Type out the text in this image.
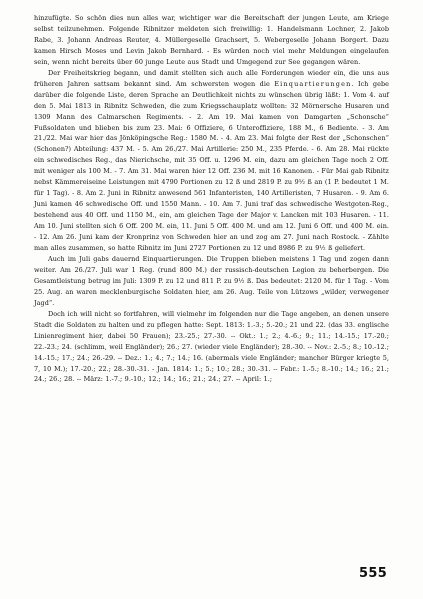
hinzufügte. So schön dies nun alles war, wichtiger war die Bereitschaft der jungen Leute, am Kriege selbst teilzunehmen. Folgende Ribnitzer meldeten sich freiwillig: 1. Handelsmann Lochner, 2. Jakob Rabe, 3. Johann Andreas Reuter, 4. Müllergeselle Grachsert, 5. Webergeselle Johann Borgert. Dazu kamen Hirsch Moses und Levin Jakob Bernhard. - Es würden noch viel mehr Meldungen eingelaufen sein, wenn nicht bereits über 60 junge Leute aus Stadt und Umgegend zur See gegangen wären.

Der Freiheitskrieg begann, und damit stellten sich auch alle Forderungen wieder ein, die uns aus früheren Jahren sattsam bekannt sind. Am schwersten wogen die Einquartierungen. Ich gebe darüber die folgende Liste, deren Sprache an Deutlichkeit nichts zu wünschen übrig läßt: 1. Vom 4. auf den 5. Mai 1813 in Ribnitz Schweden, die zum Kriegsschauplatz wollten: 32 Mörnersche Husaren und 1309 Mann des Calmarschen Regiments. - 2. Am 19. Mai kamen von Damgarten „Schonsche“ Fußsoldaten und blieben bis zum 23. Mai: 6 Offiziere, 6 Unteroffiziere, 188 M., 6 Bediente. - 3. Am 21./22. Mai war hier das Jönköpingsche Reg.: 1580 M. - 4. Am 23. Mai folgte der Rest der „Schonschen“ (Schonen?) Abteilung: 437 M. - 5. Am 26./27. Mai Artillerie: 250 M., 235 Pferde. - 6. Am 28. Mai rückte ein schwedisches Reg., das Nierichsche, mit 35 Off. u. 1296 M. ein, dazu am gleichen Tage noch 2 Off. mit weniger als 100 M. - 7. Am 31. Mai waren hier 12 Off. 236 M. mit 16 Kanonen. - Für Mai gab Ribnitz nebst Kämmereiseine Leistungen mit 4790 Portionen zu 12 ß und 2819 P. zu 9½ ß an (1 P. bedeutet 1 M. für 1 Tag). - 8. Am 2. Juni in Ribnitz anwesend 561 Infanteristen, 140 Artilleristen, 7 Husaren. - 9. Am 6. Juni kamen 46 schwedische Off. und 1550 Mann. - 10. Am 7. Juni traf das schwedische Westgoten-Reg., bestehend aus 40 Off. und 1150 M., ein, am gleichen Tage der Major v. Lancken mit 103 Husaren. - 11. Am 10. Juni stellten sich 6 Off. 200 M. ein, 11. Juni 5 Off. 400 M. und am 12. Juni 6 Off. und 400 M. ein. - 12. Am 26. Juni kam der Kronprinz von Schweden hier an und zog am 27. Juni nach Rostock. - Zählte man alles zusammen, so hatte Ribnitz im Juni 2727 Portionen zu 12 und 8986 P. zu 9½ ß geliefert.

Auch im Juli gabs dauernd Einquartierungen. Die Truppen blieben meistens 1 Tag und zogen dann weiter. Am 26./27. Juli war 1 Reg. (rund 800 M.) der russisch-deutschen Legion zu beherbergen. Die Gesamtleistung betrug im Juli: 1309 P. zu 12 und 811 P. zu 9½ ß. Das bedeutet: 2120 M. für 1 Tag. - Vom 25. Aug. an waren mecklenburgische Soldaten hier, am 26. Aug. Teile von Lützows „wilder, verwegener Jagd“.

Doch ich will nicht so fortfahren, will vielmehr im folgenden nur die Tage angeben, an denen unsere Stadt die Soldaten zu halten und zu pflegen hatte: Sept. 1813: 1.-3.; 5.-20.; 21 und 22. (das 33. englische Linienregiment hier, dabei 50 Frauen); 23.-25.; 27.-30. -- Okt.: 1.; 2.; 4.-6.; 9.; 11.; 14.-15.; 17.-20.; 22.-23.; 24. (schlimm, weil Engländer); 26.; 27. (wieder viele Engländer); 28.-30. -- Nov.: 2.-5.; 8.; 10.-12.; 14.-15.; 17.; 24.; 26.-29. -- Dez.: 1.; 4.; 7.; 14.; 16. (abermals viele Engländer; mancher Bürger kriegte 5, 7, 10 M.); 17.-20.; 22.; 28.-30.-31. - Jan. 1814: 1.; 5.; 10.; 28.; 30.-31. -- Febr.: 1.-5.; 8.-10.; 14.; 16.; 21.; 24.; 26.; 28. -- März: 1.-7.; 9.-10.; 12.; 14.; 16.; 21.; 24.; 27. -- April: 1.;

555
